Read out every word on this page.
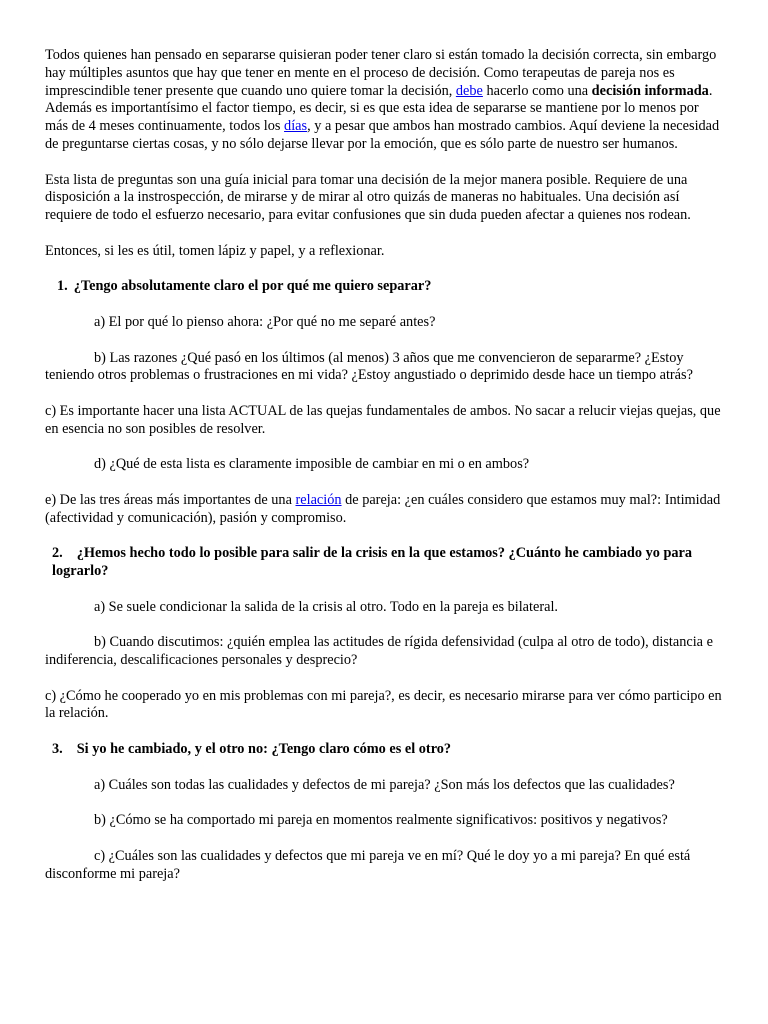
Todos quienes han pensado en separarse quisieran poder tener claro si están tomado la decisión correcta, sin embargo hay múltiples asuntos que hay que tener en mente en el proceso de decisión. Como terapeutas de pareja nos es imprescindible tener presente que cuando uno quiere tomar la decisión, debe hacerlo como una decisión informada. Además es importantísimo el factor tiempo, es decir, si es que esta idea de separarse se mantiene por lo menos por más de 4 meses continuamente, todos los días, y a pesar que ambos han mostrado cambios. Aquí deviene la necesidad de preguntarse ciertas cosas, y no sólo dejarse llevar por la emoción, que es sólo parte de nuestro ser humanos.

Esta lista de preguntas son una guía inicial para tomar una decisión de la mejor manera posible. Requiere de una disposición a la instrospección, de mirarse y de mirar al otro quizás de maneras no habituales. Una decisión así requiere de todo el esfuerzo necesario, para evitar confusiones que sin duda pueden afectar a quienes nos rodean.

Entonces, si les es útil, tomen lápiz y papel, y a reflexionar.

1. ¿Tengo absolutamente claro el por qué me quiero separar?

a) El por qué lo pienso ahora: ¿Por qué no me separé antes?

b) Las razones ¿Qué pasó en los últimos (al menos) 3 años que me convencieron de separarme? ¿Estoy teniendo otros problemas o frustraciones en mi vida? ¿Estoy angustiado o deprimido desde hace un tiempo atrás?

c) Es importante hacer una lista ACTUAL de las quejas fundamentales de ambos. No sacar a relucir viejas quejas, que en esencia no son posibles de resolver.

d) ¿Qué de esta lista es claramente imposible de cambiar en mi o en ambos?

e) De las tres áreas más importantes de una relación de pareja: ¿en cuáles considero que estamos muy mal?: Intimidad (afectividad y comunicación), pasión y compromiso.

2. ¿Hemos hecho todo lo posible para salir de la crisis en la que estamos? ¿Cuánto he cambiado yo para lograrlo?

a) Se suele condicionar la salida de la crisis al otro. Todo en la pareja es bilateral.

b) Cuando discutimos: ¿quién emplea las actitudes de rígida defensividad (culpa al otro de todo), distancia e indiferencia, descalificaciones personales y desprecio?

c) ¿Cómo he cooperado yo en mis problemas con mi pareja?, es decir, es necesario mirarse para ver cómo participo en la relación.

3. Si yo he cambiado, y el otro no: ¿Tengo claro cómo es el otro?

a) Cuáles son todas las cualidades y defectos de mi pareja? ¿Son más los defectos que las cualidades?

b) ¿Cómo se ha comportado mi pareja en momentos realmente significativos: positivos y negativos?

c) ¿Cuáles son las cualidades y defectos que mi pareja ve en mí? Qué le doy yo a mi pareja? En qué está disconforme mi pareja?
